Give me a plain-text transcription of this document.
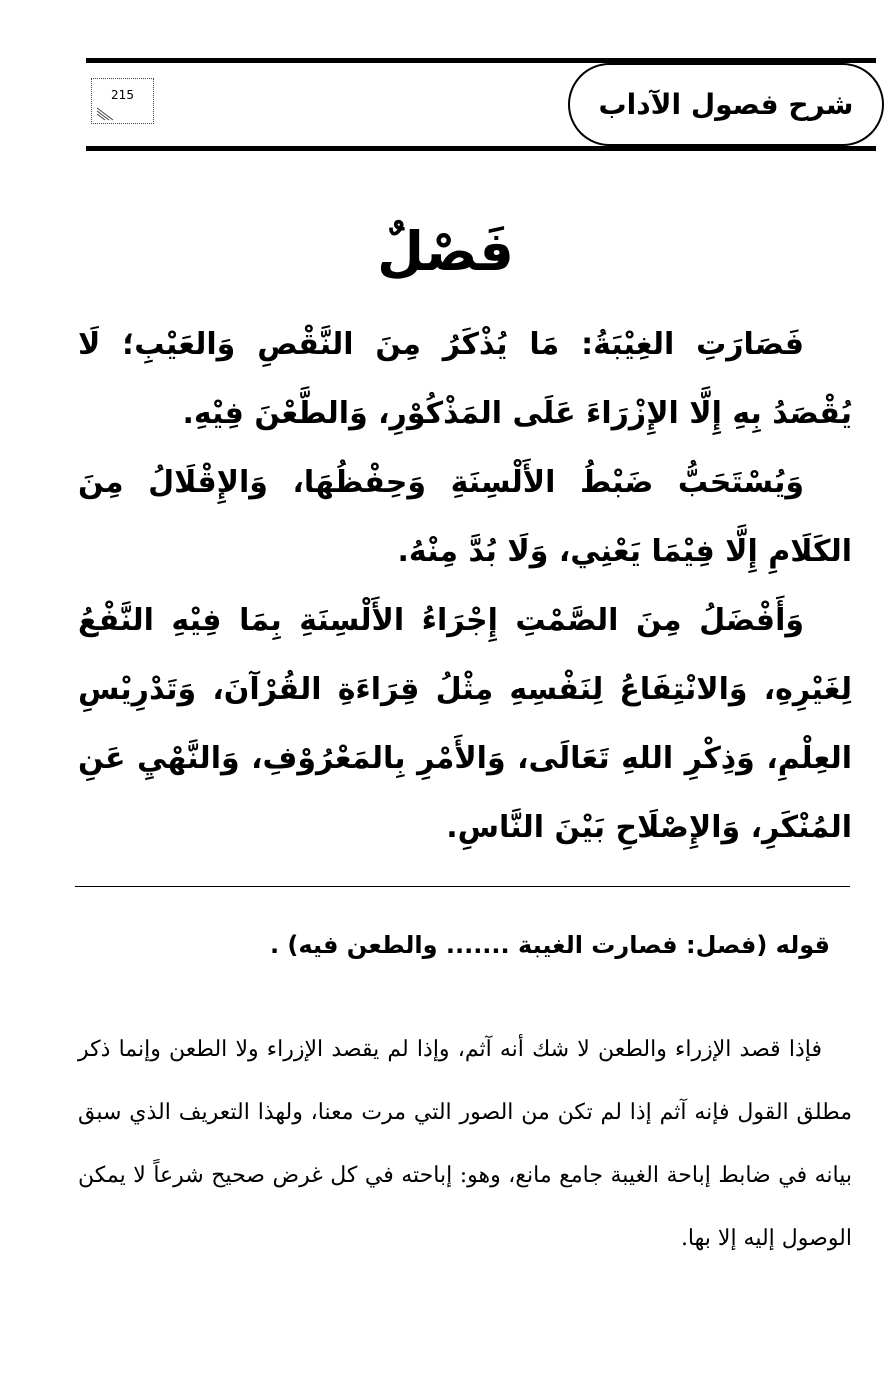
شرح فصول الآداب
215
فَصْلٌ

فَصَارَتِ الغِيْبَةُ: مَا يُذْكَرُ مِنَ النَّقْصِ وَالعَيْبِ؛ لَا يُقْصَدُ بِهِ إِلَّا الإِزْرَاءَ عَلَى المَذْكُوْرِ، وَالطَّعْنَ فِيْهِ.

وَيُسْتَحَبُّ ضَبْطُ الأَلْسِنَةِ وَحِفْظُهَا، وَالإِقْلَالُ مِنَ الكَلَامِ إِلَّا فِيْمَا يَعْنِي، وَلَا بُدَّ مِنْهُ.

وَأَفْضَلُ مِنَ الصَّمْتِ إِجْرَاءُ الأَلْسِنَةِ بِمَا فِيْهِ النَّفْعُ لِغَيْرِهِ، وَالانْتِفَاعُ لِنَفْسِهِ مِثْلُ قِرَاءَةِ القُرْآنَ، وَتَدْرِيْسِ العِلْمِ، وَذِكْرِ اللهِ تَعَالَى، وَالأَمْرِ بِالمَعْرُوْفِ، وَالنَّهْيِ عَنِ المُنْكَرِ، وَالإِصْلَاحِ بَيْنَ النَّاسِ.

قوله (فصل: فصارت الغيبة ....... والطعن فيه) .

فإذا قصد الإزراء والطعن لا شك أنه آثم، وإذا لم يقصد الإزراء ولا الطعن وإنما ذكر مطلق القول فإنه آثم إذا لم تكن من الصور التي مرت معنا، ولهذا التعريف الذي سبق بيانه في ضابط إباحة الغيبة جامع مانع، وهو: إباحته في كل غرض صحيح شرعاً لا يمكن الوصول إليه إلا بها.
